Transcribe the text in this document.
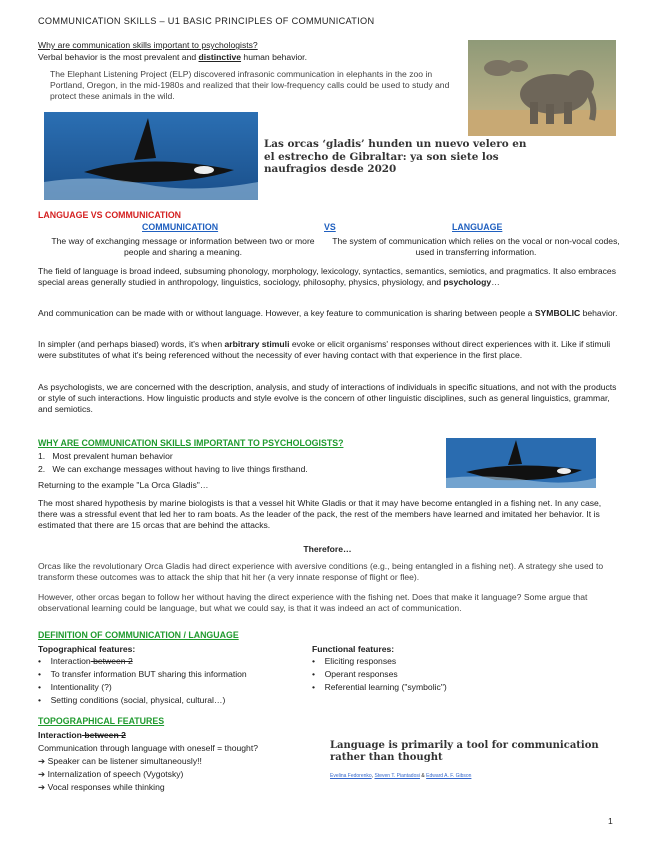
COMMUNICATION SKILLS – U1 BASIC PRINCIPLES OF COMMUNICATION
Why are communication skills important to psychologists?
Verbal behavior is the most prevalent and distinctive human behavior.
The Elephant Listening Project (ELP) discovered infrasonic communication in elephants in the zoo in Portland, Oregon, in the mid-1980s and realized that their low-frequency calls could be used to study and protect these animals in the wild.
Las orcas ‘gladis’ hunden un nuevo velero en el estrecho de Gibraltar: ya son siete los naufragios desde 2020
LANGUAGE VS COMMUNICATION
COMMUNICATION	VS	LANGUAGE
The way of exchanging message or information between two or more people and sharing a meaning.
The system of communication which relies on the vocal or non-vocal codes, used in transferring information.
The field of language is broad indeed, subsuming phonology, morphology, lexicology, syntactics, semantics, semiotics, and pragmatics. It also embraces special areas generally studied in anthropology, linguistics, sociology, philosophy, physics, physiology, and psychology…
And communication can be made with or without language. However, a key feature to communication is sharing between people a SYMBOLIC behavior.
In simpler (and perhaps biased) words, it's when arbitrary stimuli evoke or elicit organisms' responses without direct experiences with it. Like if stimuli were substitutes of what it's being referenced without the necessity of ever having contact with that experience in the first place.
As psychologists, we are concerned with the description, analysis, and study of interactions of individuals in specific situations, and not with the products or style of such interactions. How linguistic products and style evolve is the concern of other linguistic disciplines, such as general linguistics, grammar, and semiotics.
WHY ARE COMMUNICATION SKILLS IMPORTANT TO PSYCHOLOGISTS?
1.   Most prevalent human behavior
2.   We can exchange messages without having to live things firsthand.
Returning to the example "La Orca Gladis"…
The most shared hypothesis by marine biologists is that a vessel hit White Gladis or that it may have become entangled in a fishing net. In any case, there was a stressful event that led her to ram boats. As the leader of the pack, the rest of the members have learned and imitated her behavior. It is estimated that there are 15 orcas that are behind the attacks.
Therefore…
Orcas like the revolutionary Orca Gladis had direct experience with aversive conditions (e.g., being entangled in a fishing net). A strategy she used to transform these outcomes was to attack the ship that hit her (a very innate response of flight or flee).
However, other orcas began to follow her without having the direct experience with the fishing net. Does that make it language? Some argue that observational learning could be language, but what we could say, is that it was indeed an act of communication.
DEFINITION OF COMMUNICATION / LANGUAGE
Topographical features:
•    Interaction between 2
•    To transfer information BUT sharing this information
•    Intentionality (?)
•    Setting conditions (social, physical, cultural…)
Functional features:
•    Eliciting responses
•    Operant responses
•    Referential learning ("symbolic")
TOPOGRAPHICAL FEATURES
Interaction between 2
Communication through language with oneself = thought?
➔ Speaker can be listener simultaneously!!
➔ Internalization of speech (Vygotsky)
➔ Vocal responses while thinking
Language is primarily a tool for communication rather than thought
Evelina Fedorenko, Steven T. Piantadosi & Edward A. F. Gibson
1
